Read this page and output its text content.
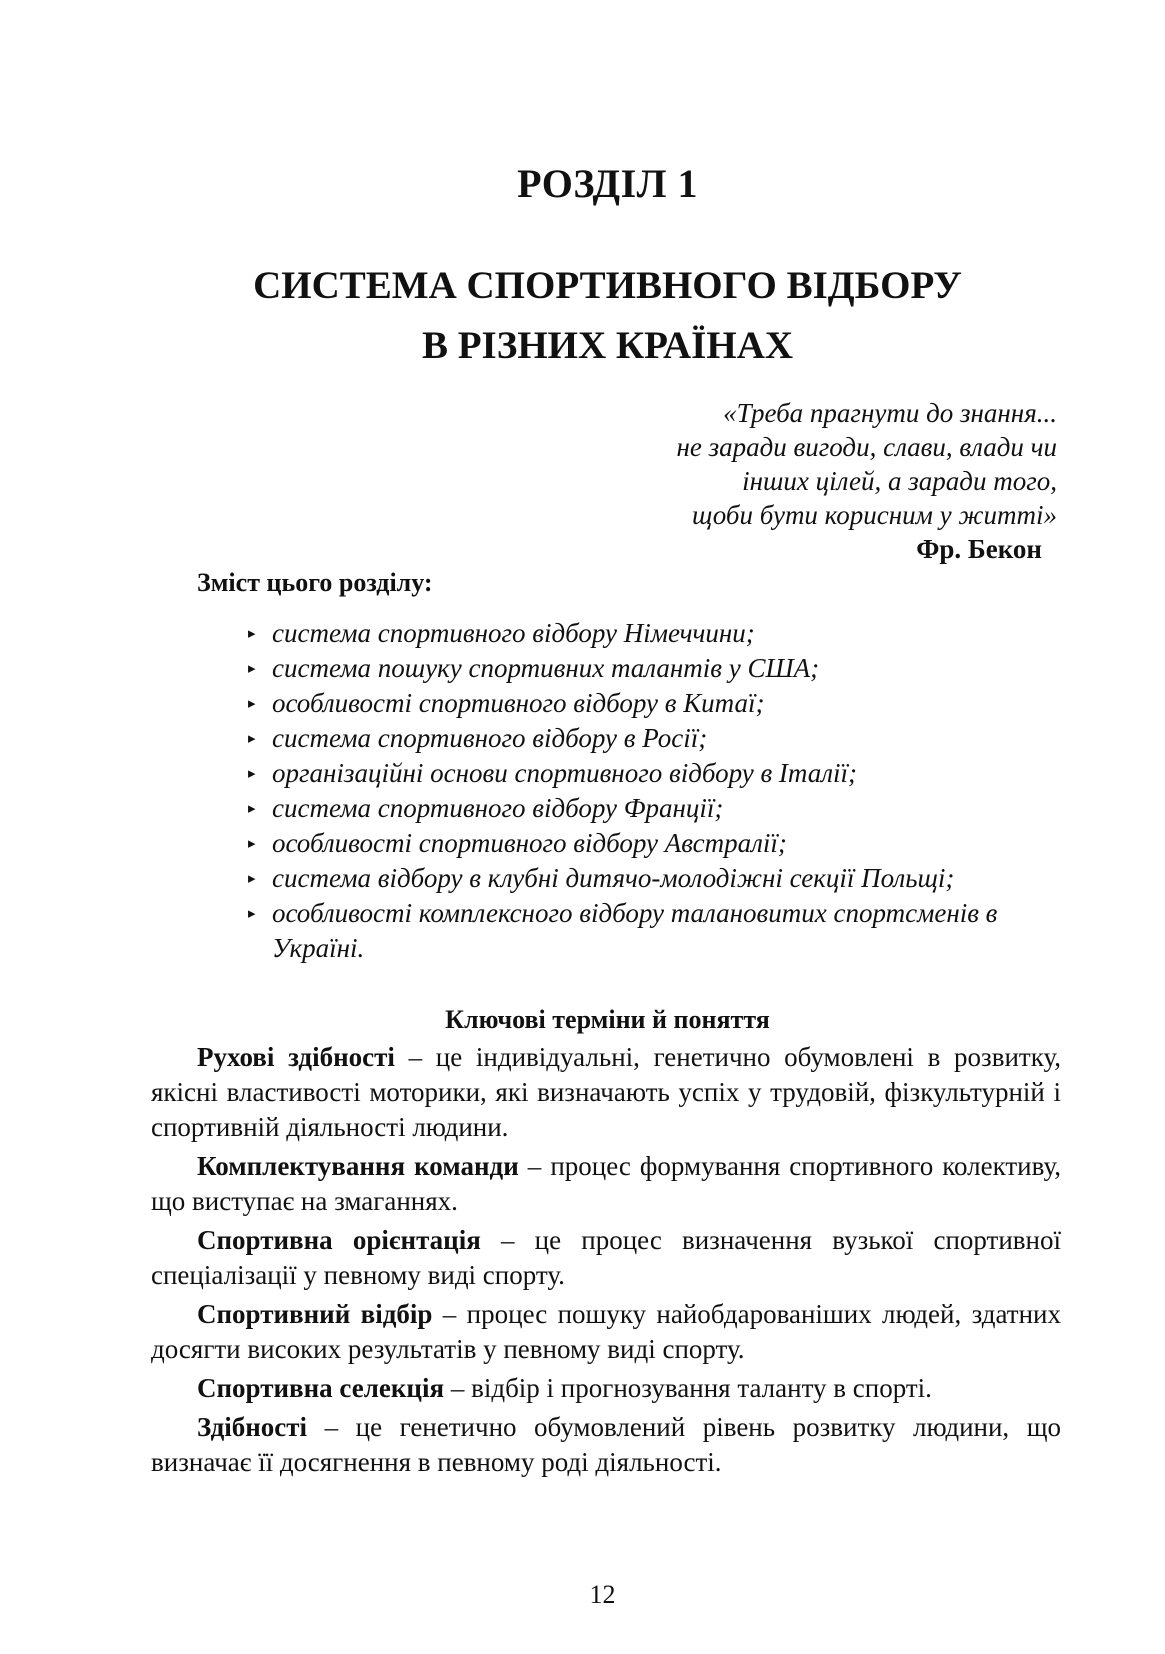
РОЗДІЛ 1
СИСТЕМА СПОРТИВНОГО ВІДБОРУ
В РІЗНИХ КРАЇНАХ
«Треба прагнути до знання...
не заради вигоди, слави, влади чи
інших цілей, а заради того,
щоби бути корисним у житті»
Фр. Бекон
Зміст цього розділу:
▸ система спортивного відбору Німеччини;
▸ система пошуку спортивних талантів у США;
▸ особливості спортивного відбору в Китаї;
▸ система спортивного відбору в Росії;
▸ організаційні основи спортивного відбору в Італії;
▸ система спортивного відбору Франції;
▸ особливості спортивного відбору Австралії;
▸ система відбору в клубні дитячо-молодіжні секції Польщі;
▸ особливості комплексного відбору талановитих спортсменів в Україні.
Ключові терміни й поняття

Рухові здібності – це індивідуальні, генетично обумовлені в розвитку, якісні властивості моторики, які визначають успіх у трудовій, фізкультурній і спортивній діяльності людини.

Комплектування команди – процес формування спортивного колективу, що виступає на змаганнях.

Спортивна орієнтація – це процес визначення вузької спортивної спеціалізації у певному виді спорту.

Спортивний відбір – процес пошуку найобдарованіших людей, здатних досягти високих результатів у певному виді спорту.

Спортивна селекція – відбір і прогнозування таланту в спорті.

Здібності – це генетично обумовлений рівень розвитку людини, що визначає її досягнення в певному роді діяльності.

12
